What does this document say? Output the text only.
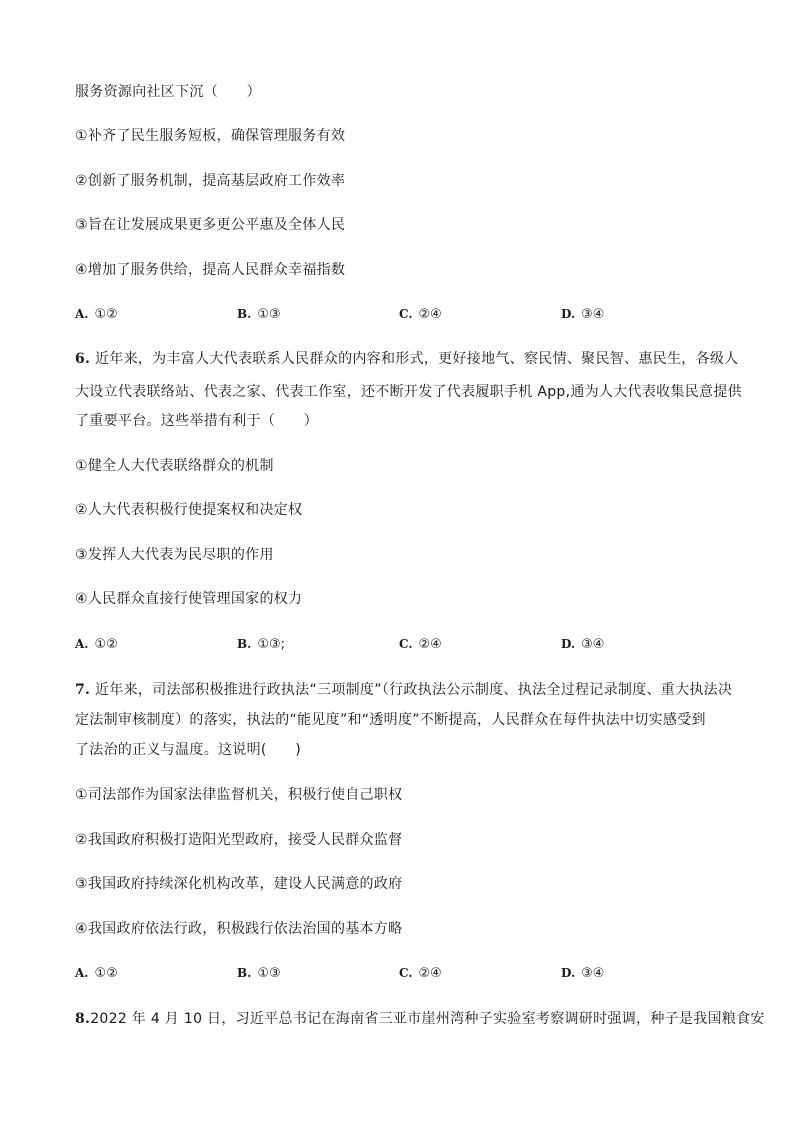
服务资源向社区下沉（　　）
①补齐了民生服务短板，确保管理服务有效
②创新了服务机制，提高基层政府工作效率
③旨在让发展成果更多更公平惠及全体人民
④增加了服务供给，提高人民群众幸福指数
A. ①②	B. ①③	C. ②④	D. ③④
6. 近年来，为丰富人大代表联系人民群众的内容和形式，更好接地气、察民情、聚民智、惠民生，各级人
大设立代表联络站、代表之家、代表工作室，还不断开发了代表履职手机 App,通为人大代表收集民意提供
了重要平台。这些举措有利于（　　）
①健全人大代表联络群众的机制
②人大代表积极行使提案权和决定权
③发挥人大代表为民尽职的作用
④人民群众直接行使管理国家的权力
A. ①②	B. ①③;	C. ②④	D. ③④
7. 近年来，司法部积极推进行政执法“三项制度”（行政执法公示制度、执法全过程记录制度、重大执法决
定法制审核制度）的落实，执法的“能见度”和“透明度”不断提高，人民群众在每件执法中切实感受到
了法治的正义与温度。这说明(　　)
①司法部作为国家法律监督机关，积极行使自己职权
②我国政府积极打造阳光型政府，接受人民群众监督
③我国政府持续深化机构改革，建设人民满意的政府
④我国政府依法行政，积极践行依法治国的基本方略
A. ①②	B. ①③	C. ②④	D. ③④
8.2022 年 4 月 10 日，习近平总书记在海南省三亚市崖州湾种子实验室考察调研时强调，种子是我国粮食安
